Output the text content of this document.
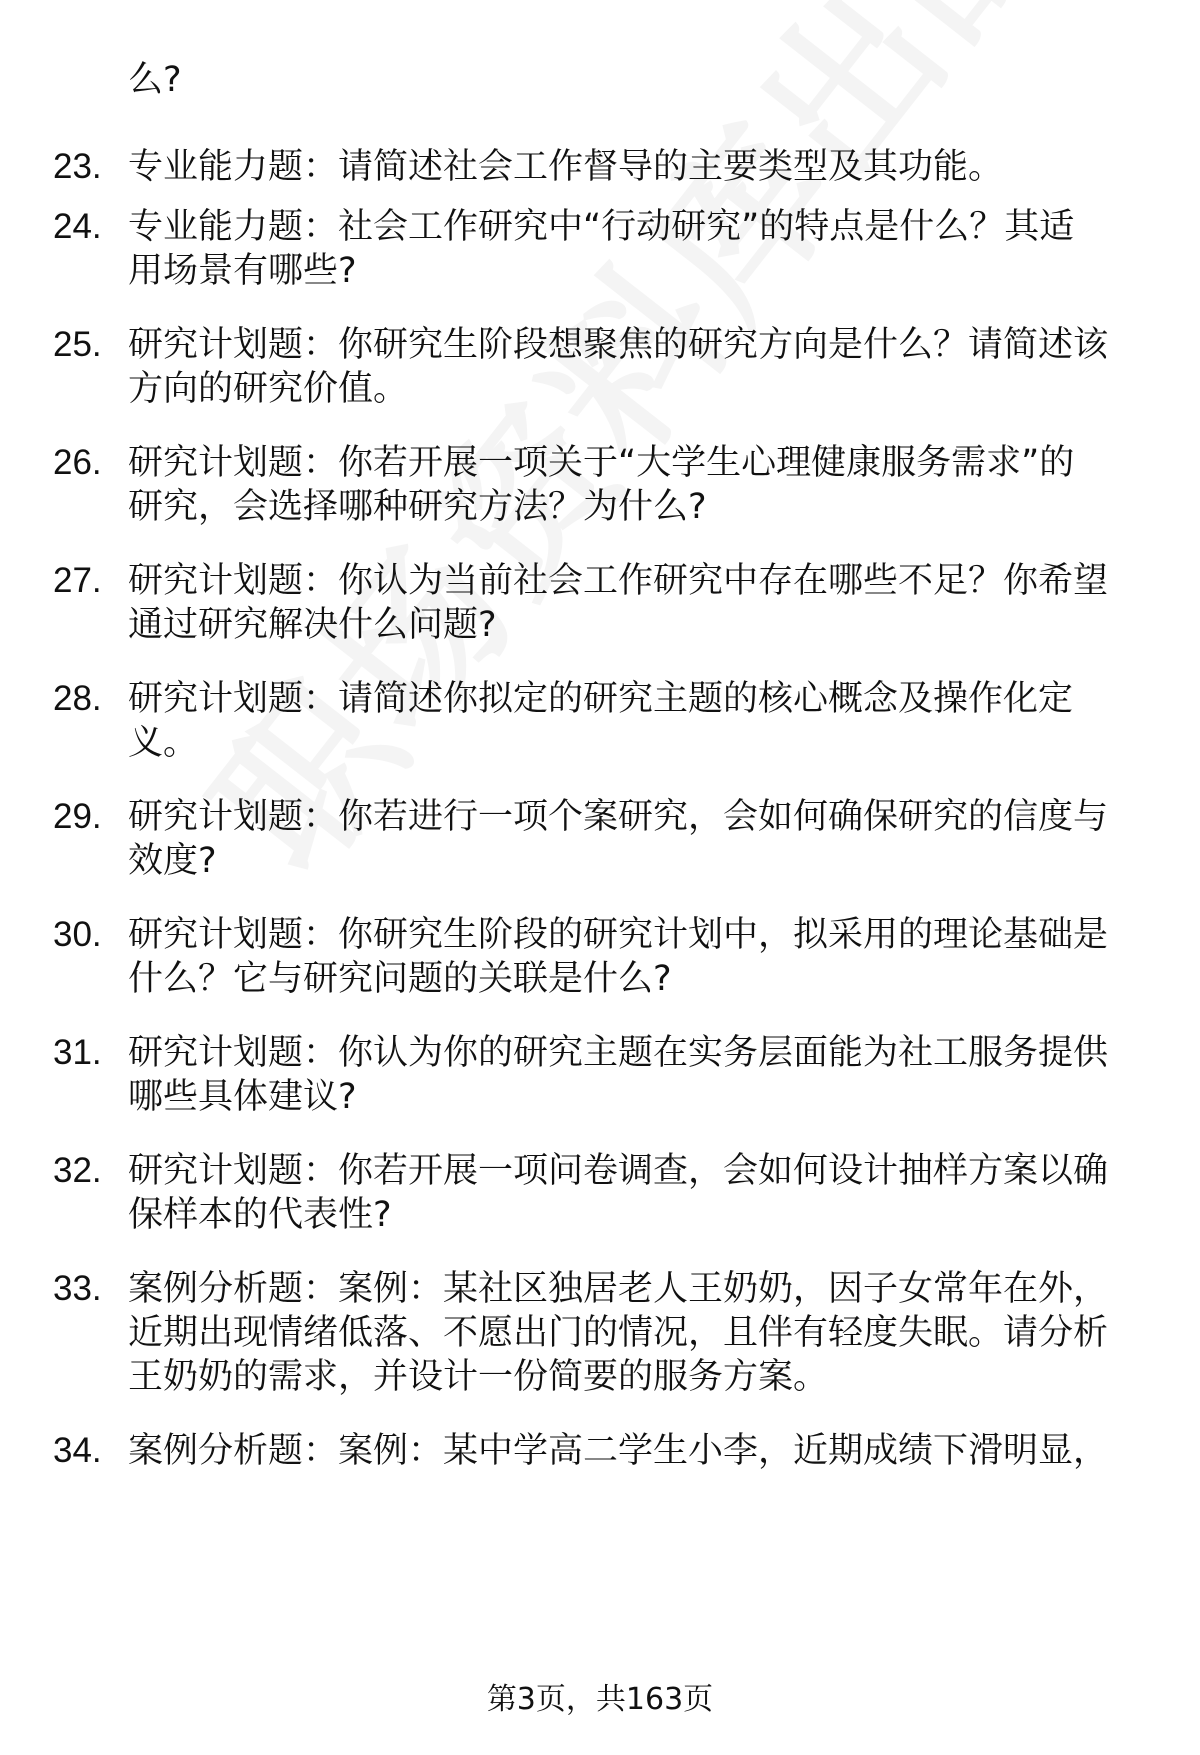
么?
23. 专业能力题：请简述社会工作督导的主要类型及其功能。
24. 专业能力题：社会工作研究中“行动研究”的特点是什么？其适
用场景有哪些?
25. 研究计划题：你研究生阶段想聚焦的研究方向是什么？请简述该
方向的研究价值。
26. 研究计划题：你若开展一项关于“大学生心理健康服务需求”的
研究，会选择哪种研究方法？为什么?
27. 研究计划题：你认为当前社会工作研究中存在哪些不足？你希望
通过研究解决什么问题?
28. 研究计划题：请简述你拟定的研究主题的核心概念及操作化定
义。
29. 研究计划题：你若进行一项个案研究，会如何确保研究的信度与
效度?
30. 研究计划题：你研究生阶段的研究计划中，拟采用的理论基础是
什么？它与研究问题的关联是什么?
31. 研究计划题：你认为你的研究主题在实务层面能为社工服务提供
哪些具体建议?
32. 研究计划题：你若开展一项问卷调查，会如何设计抽样方案以确
保样本的代表性?
33. 案例分析题：案例：某社区独居老人王奶奶，因子女常年在外，
近期出现情绪低落、不愿出门的情况，且伴有轻度失眠。请分析
王奶奶的需求，并设计一份简要的服务方案。
34. 案例分析题：案例：某中学高二学生小李，近期成绩下滑明显，
第3页，共163页
